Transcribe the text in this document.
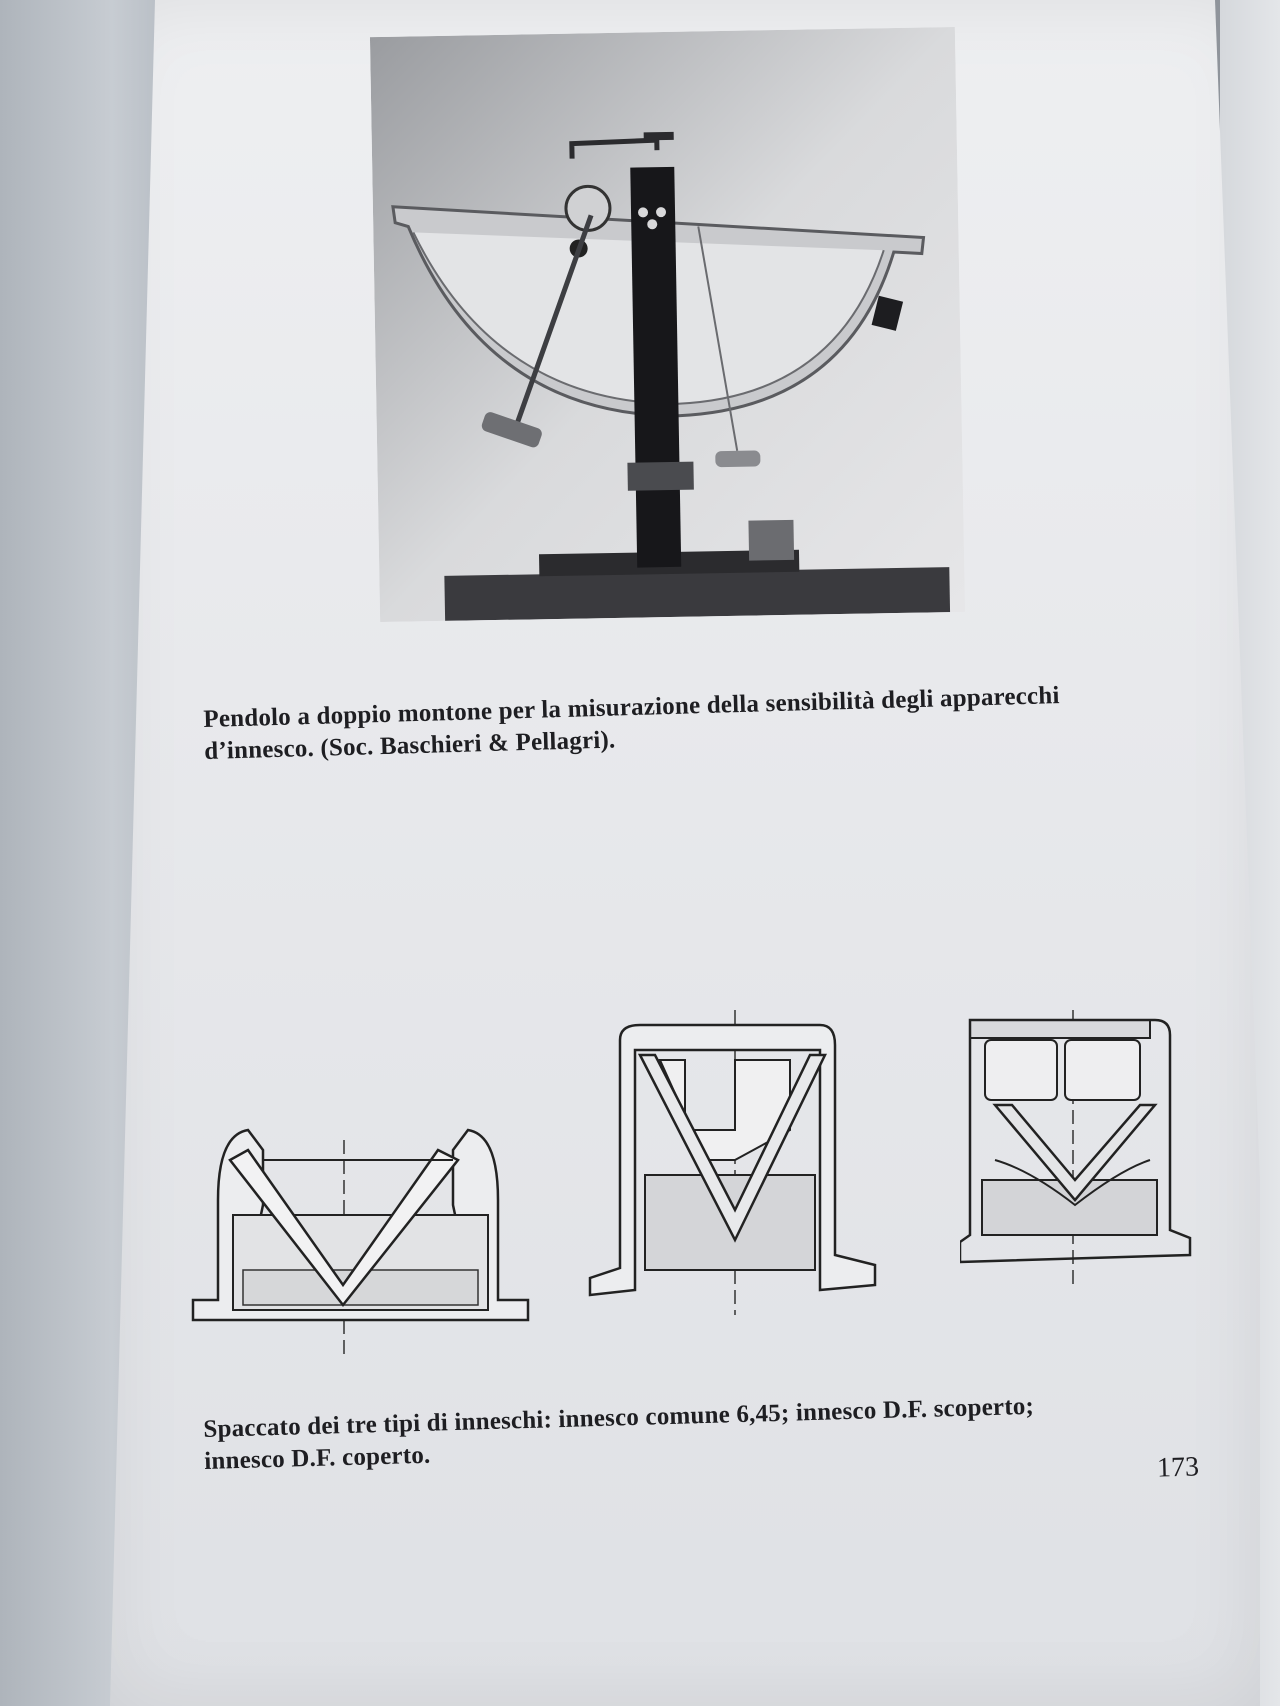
Pendolo a doppio montone per la misurazione della sensibilità degli apparecchi
d’innesco. (Soc. Baschieri & Pellagri).
Spaccato dei tre tipi di inneschi: innesco comune 6,45; innesco D.F. scoperto;
innesco D.F. coperto.	173
